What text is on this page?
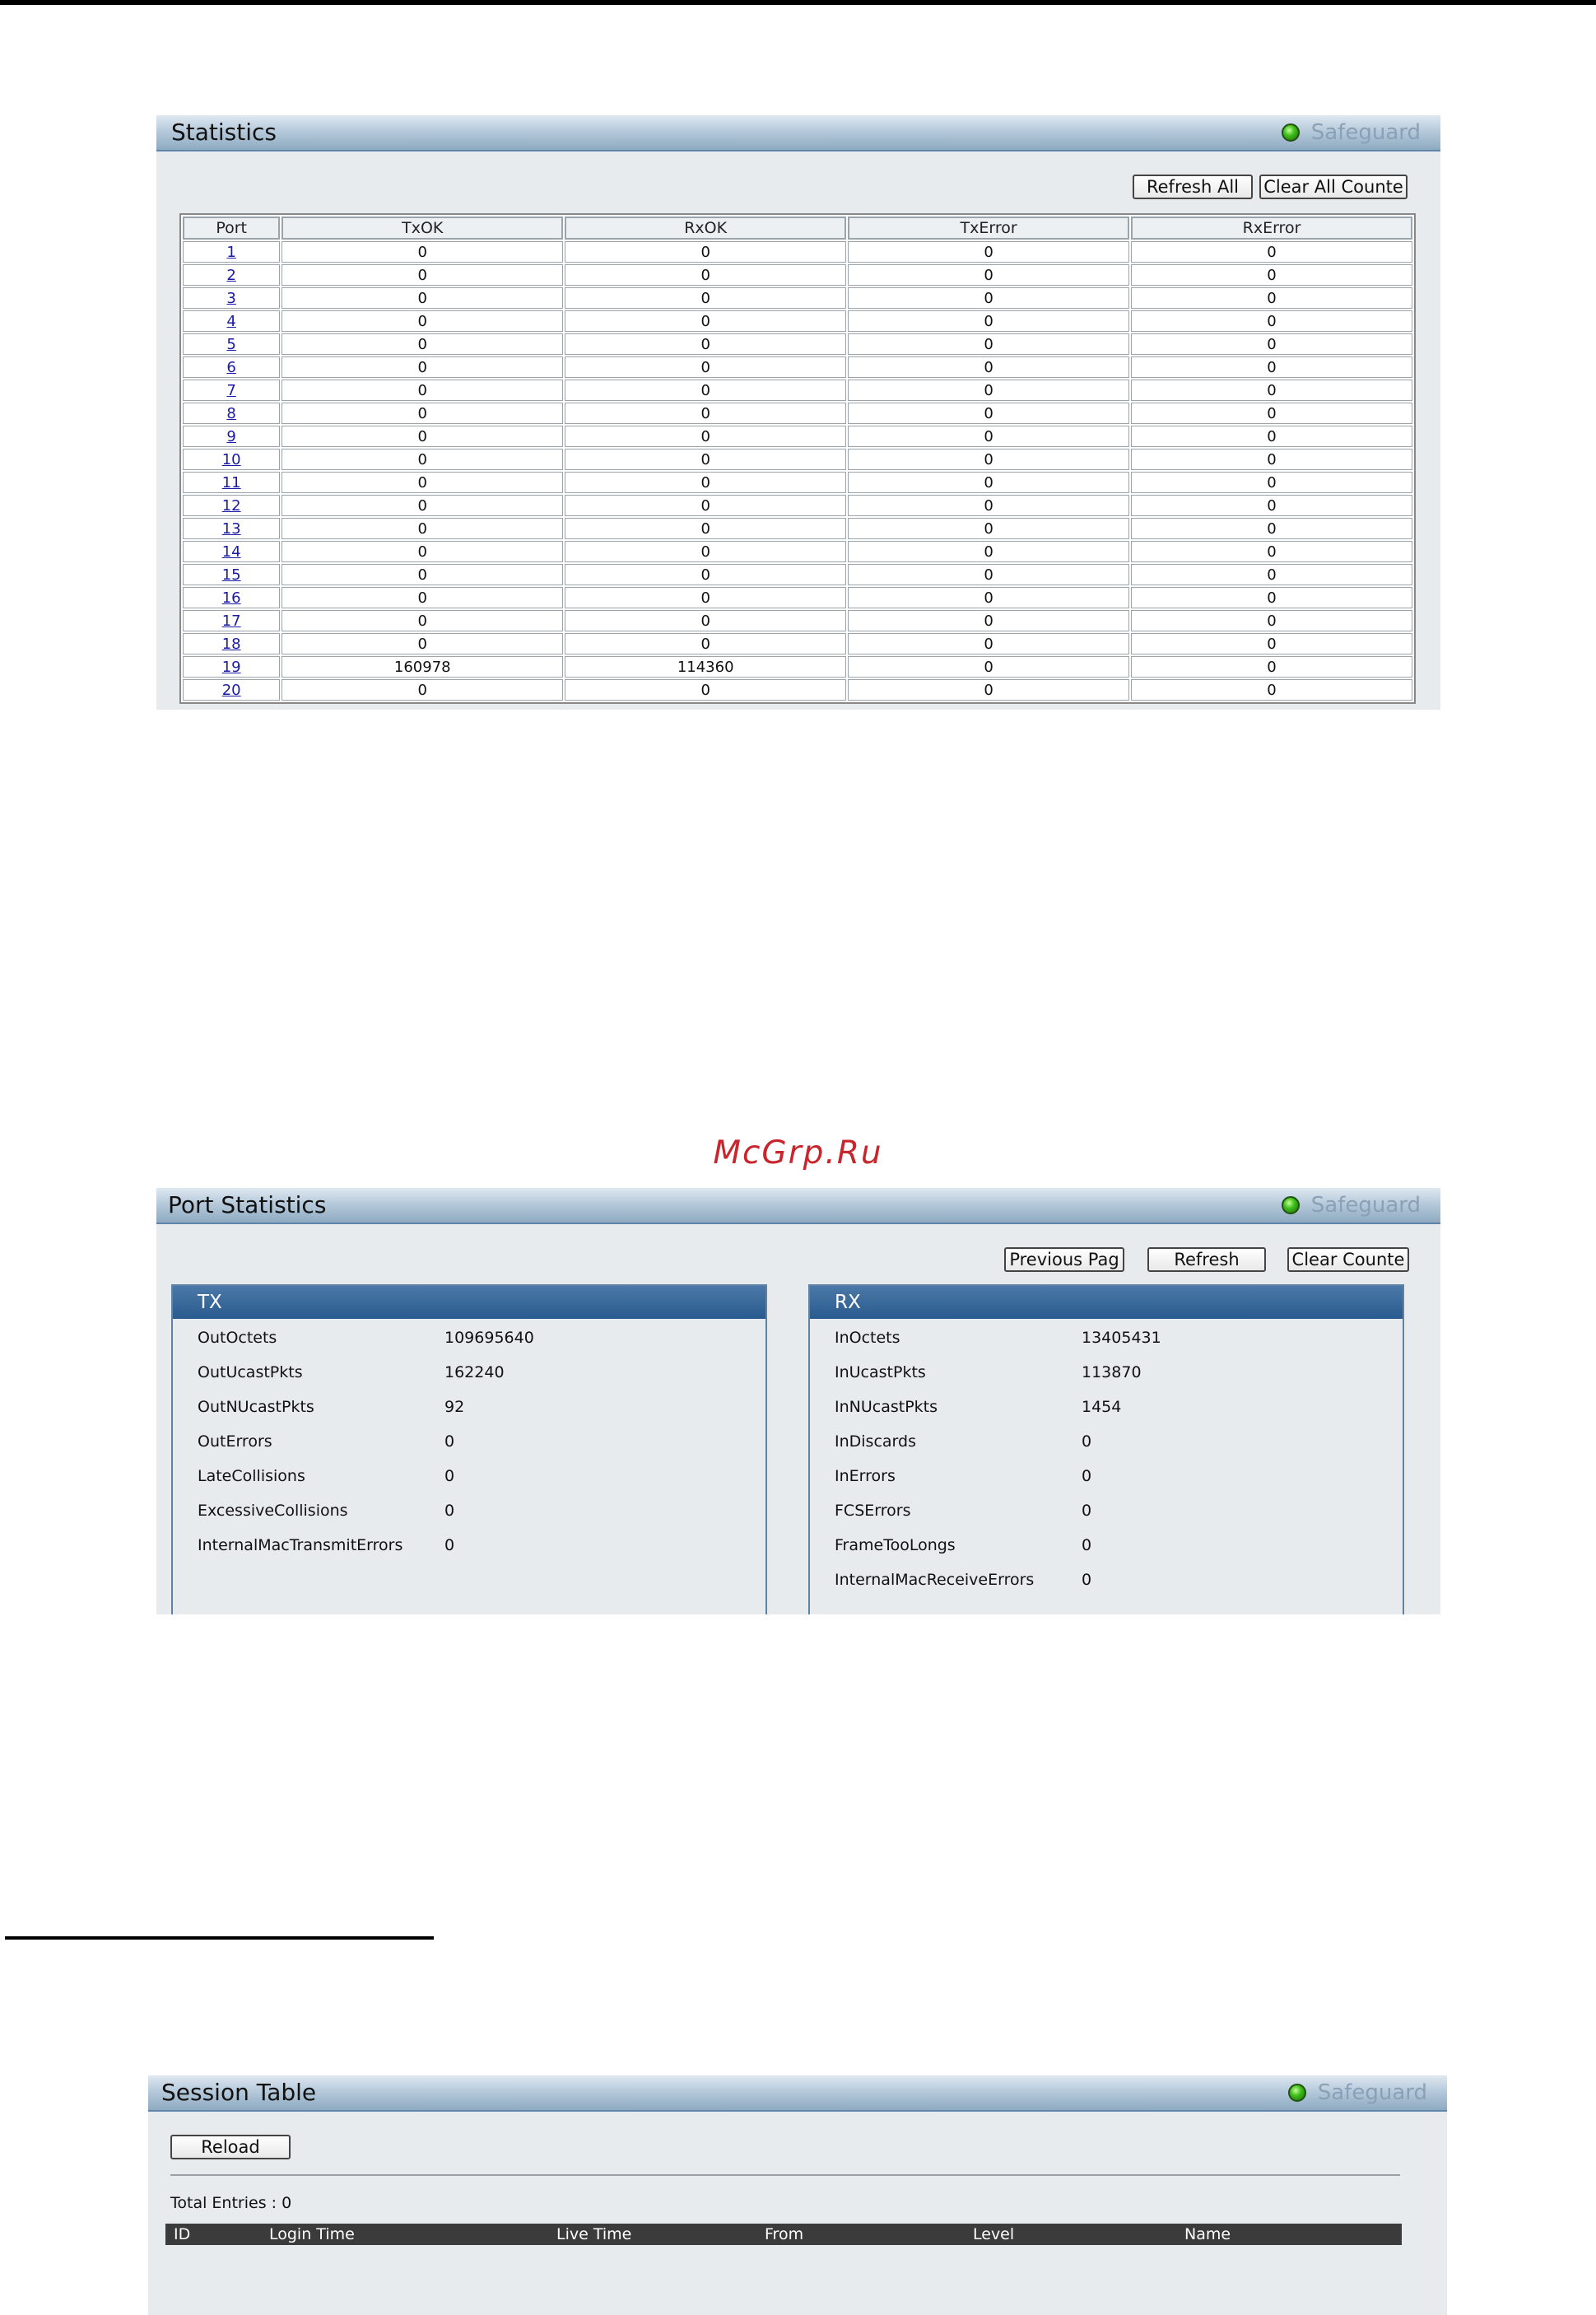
Statistics	Safeguard
Refresh All	Clear All Counte
Port	TxOK	RxOK	TxError	RxError
1	0	0	0	0
2	0	0	0	0
3	0	0	0	0
4	0	0	0	0
5	0	0	0	0
6	0	0	0	0
7	0	0	0	0
8	0	0	0	0
9	0	0	0	0
10	0	0	0	0
11	0	0	0	0
12	0	0	0	0
13	0	0	0	0
14	0	0	0	0
15	0	0	0	0
16	0	0	0	0
17	0	0	0	0
18	0	0	0	0
19	160978	114360	0	0
20	0	0	0	0
McGrp.Ru
Port Statistics	Safeguard
Previous Pag	Refresh	Clear Counte
TX
OutOctets	109695640
OutUcastPkts	162240
OutNUcastPkts	92
OutErrors	0
LateCollisions	0
ExcessiveCollisions	0
InternalMacTransmitErrors	0
RX
InOctets	13405431
InUcastPkts	113870
InNUcastPkts	1454
InDiscards	0
InErrors	0
FCSErrors	0
FrameTooLongs	0
InternalMacReceiveErrors	0
Session Table	Safeguard
Reload
Total Entries : 0
ID	Login Time	Live Time	From	Level	Name
